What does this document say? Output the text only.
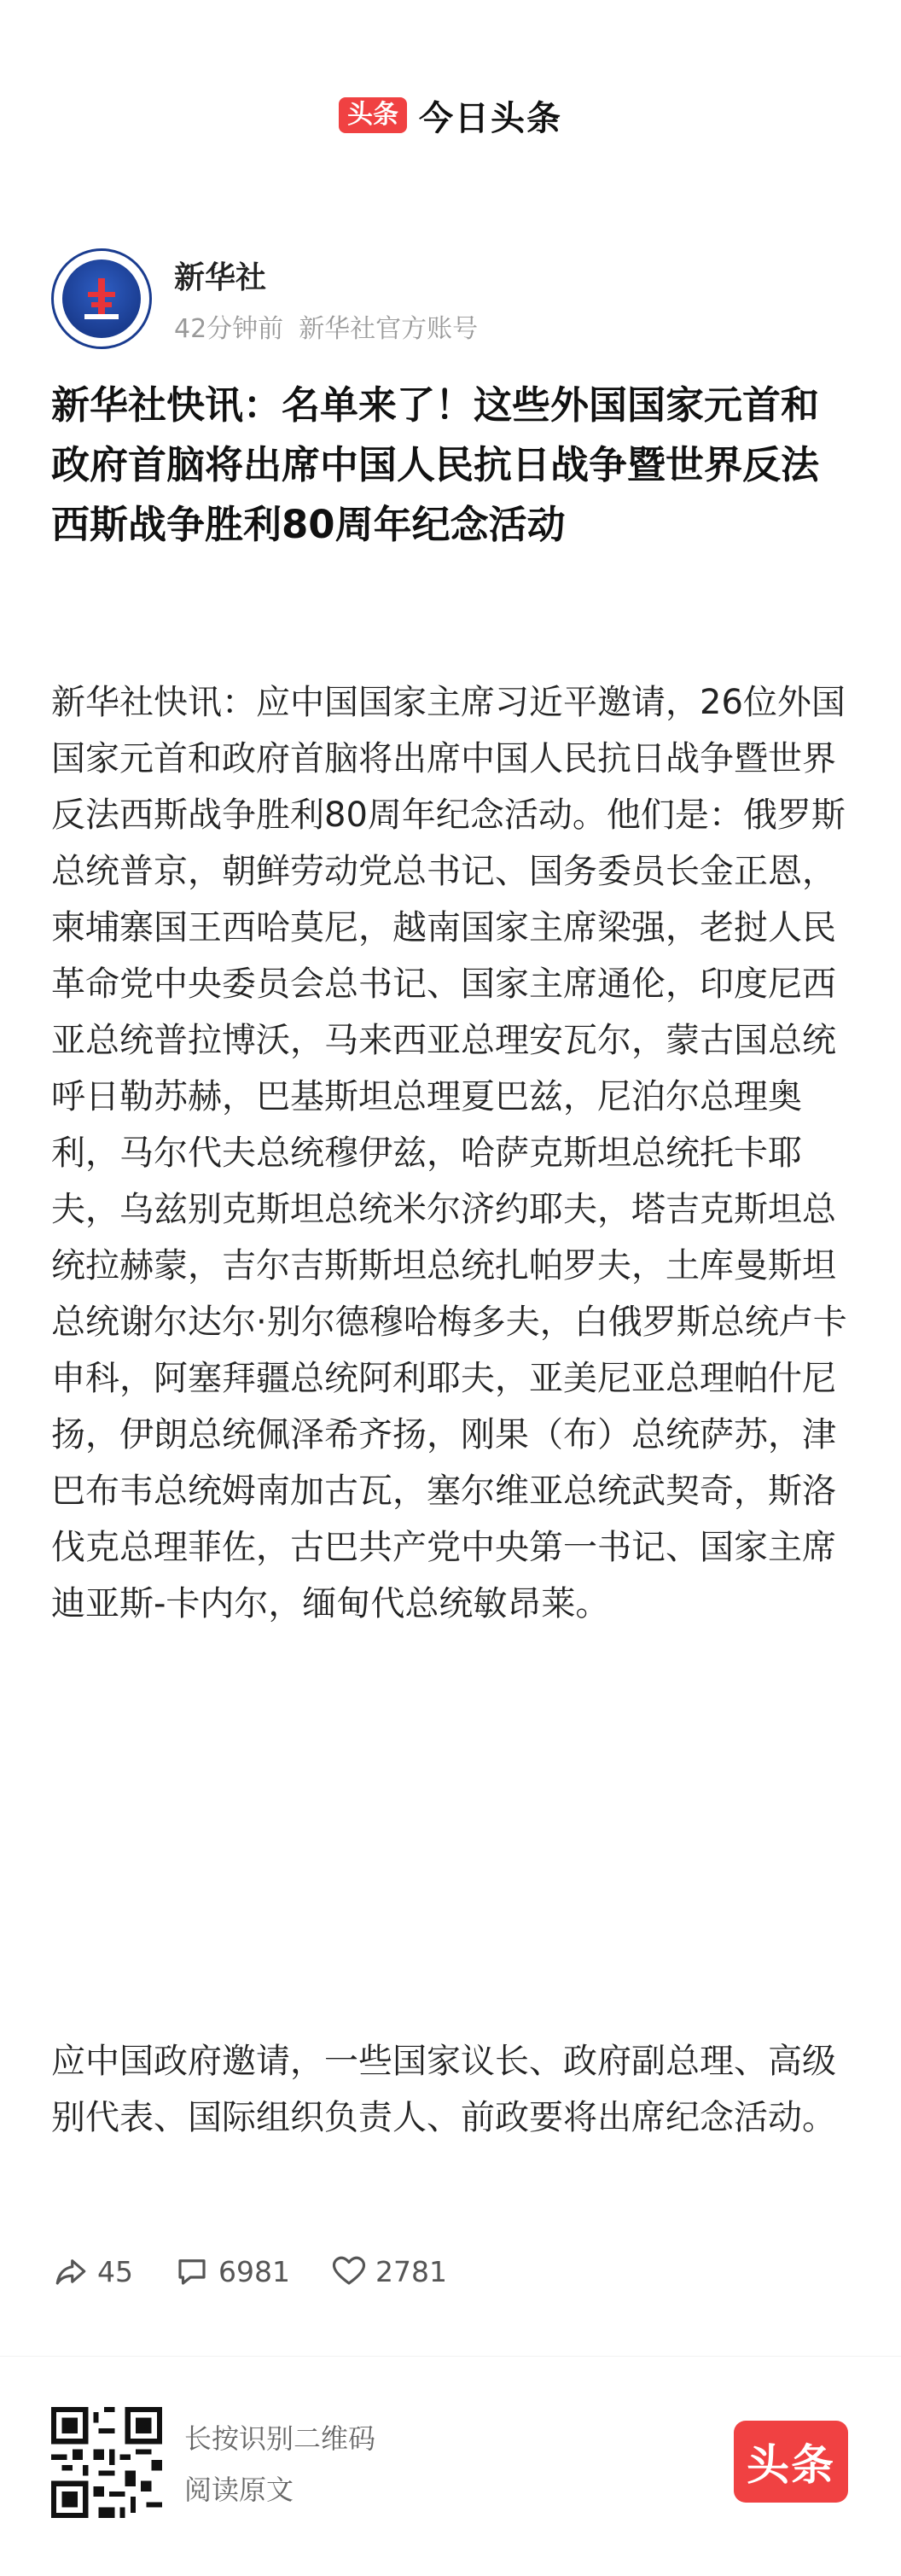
头条 今日头条
新华社
42分钟前 新华社官方账号
新华社快讯：名单来了！这些外国国家元首和政府首脑将出席中国人民抗日战争暨世界反法西斯战争胜利80周年纪念活动
新华社快讯：应中国国家主席习近平邀请，26位外国国家元首和政府首脑将出席中国人民抗日战争暨世界反法西斯战争胜利80周年纪念活动。他们是：俄罗斯总统普京，朝鲜劳动党总书记、国务委员长金正恩，柬埔寨国王西哈莫尼，越南国家主席梁强，老挝人民革命党中央委员会总书记、国家主席通伦，印度尼西亚总统普拉博沃，马来西亚总理安瓦尔，蒙古国总统呼日勒苏赫，巴基斯坦总理夏巴兹，尼泊尔总理奥利，马尔代夫总统穆伊兹，哈萨克斯坦总统托卡耶夫，乌兹别克斯坦总统米尔济约耶夫，塔吉克斯坦总统拉赫蒙，吉尔吉斯斯坦总统扎帕罗夫，土库曼斯坦总统谢尔达尔·别尔德穆哈梅多夫，白俄罗斯总统卢卡申科，阿塞拜疆总统阿利耶夫，亚美尼亚总理帕什尼扬，伊朗总统佩泽希齐扬，刚果（布）总统萨苏，津巴布韦总统姆南加古瓦，塞尔维亚总统武契奇，斯洛伐克总理菲佐，古巴共产党中央第一书记、国家主席迪亚斯-卡内尔，缅甸代总统敏昂莱。
应中国政府邀请，一些国家议长、政府副总理、高级别代表、国际组织负责人、前政要将出席纪念活动。
45	6981	2781
长按识别二维码
阅读原文	头条
